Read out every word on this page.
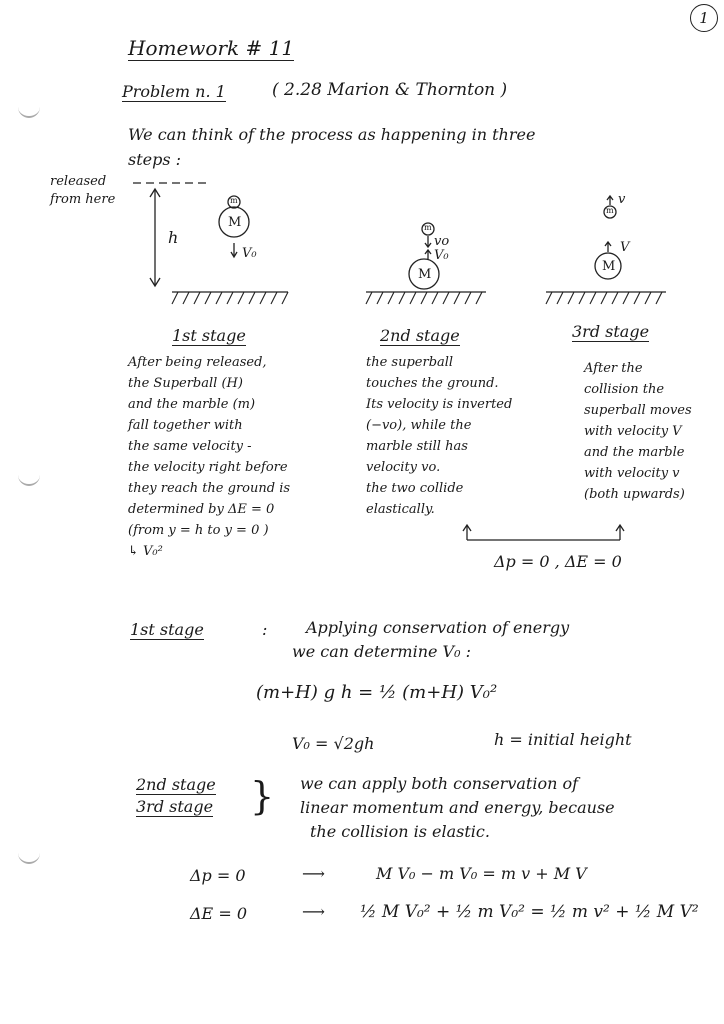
1
Homework # 11
Problem n. 1	( 2.28 Marion & Thornton )
We can think of the process as happening in three
steps :
released
from here
h
M
m
V₀
M
m
vo
V₀
M
m
v
V
1st stage	2nd stage	3rd stage
After being released,
the Superball (H)
and the marble (m)
fall together with
the same velocity -
the velocity right before
they reach the ground is
determined by ΔE = 0
(from y = h to y = 0 )
↳ V₀²
the superball
touches the ground.
Its velocity is inverted
(−vo), while the
marble still has
velocity vo.
the two collide
elastically.
After the
collision the
superball moves
with velocity V
and the marble
with velocity v
(both upwards)
Δp = 0 , ΔE = 0
1st stage	: Applying conservation of energy
we can determine V₀ :
(m+H) g h = ½ (m+H) V₀²
V₀ = √2gh	h = initial height
2nd stage
3rd stage } we can apply both conservation of
linear momentum and energy, because
the collision is elastic.
Δp = 0	⟶	M V₀ − m V₀ = m v + M V
ΔE = 0	⟶ ½ M V₀² + ½ m V₀² = ½ m v² + ½ M V²
